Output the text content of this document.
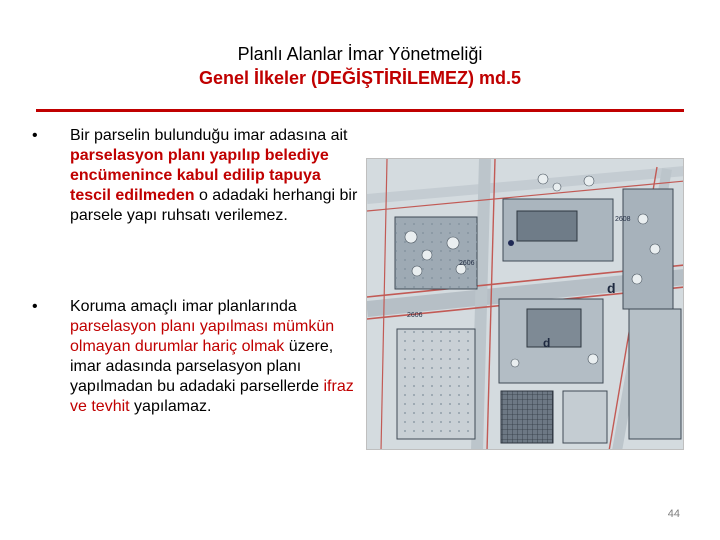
Planlı Alanlar İmar Yönetmeliği
Genel İlkeler (DEĞİŞTİRİLEMEZ) md.5
•	Bir parselin bulunduğu imar adasına ait parselasyon planı yapılıp belediye encümenince kabul edilip tapuya tescil edilmeden o adadaki herhangi bir parsele yapı ruhsatı verilemez.
•	Koruma amaçlı imar planlarında parselasyon planı yapılması mümkün olmayan durumlar hariç olmak üzere, imar adasında parselasyon planı yapılmadan bu adadaki parsellerde ifraz ve tevhit yapılamaz.
2606
2606
d
d
2608
44
